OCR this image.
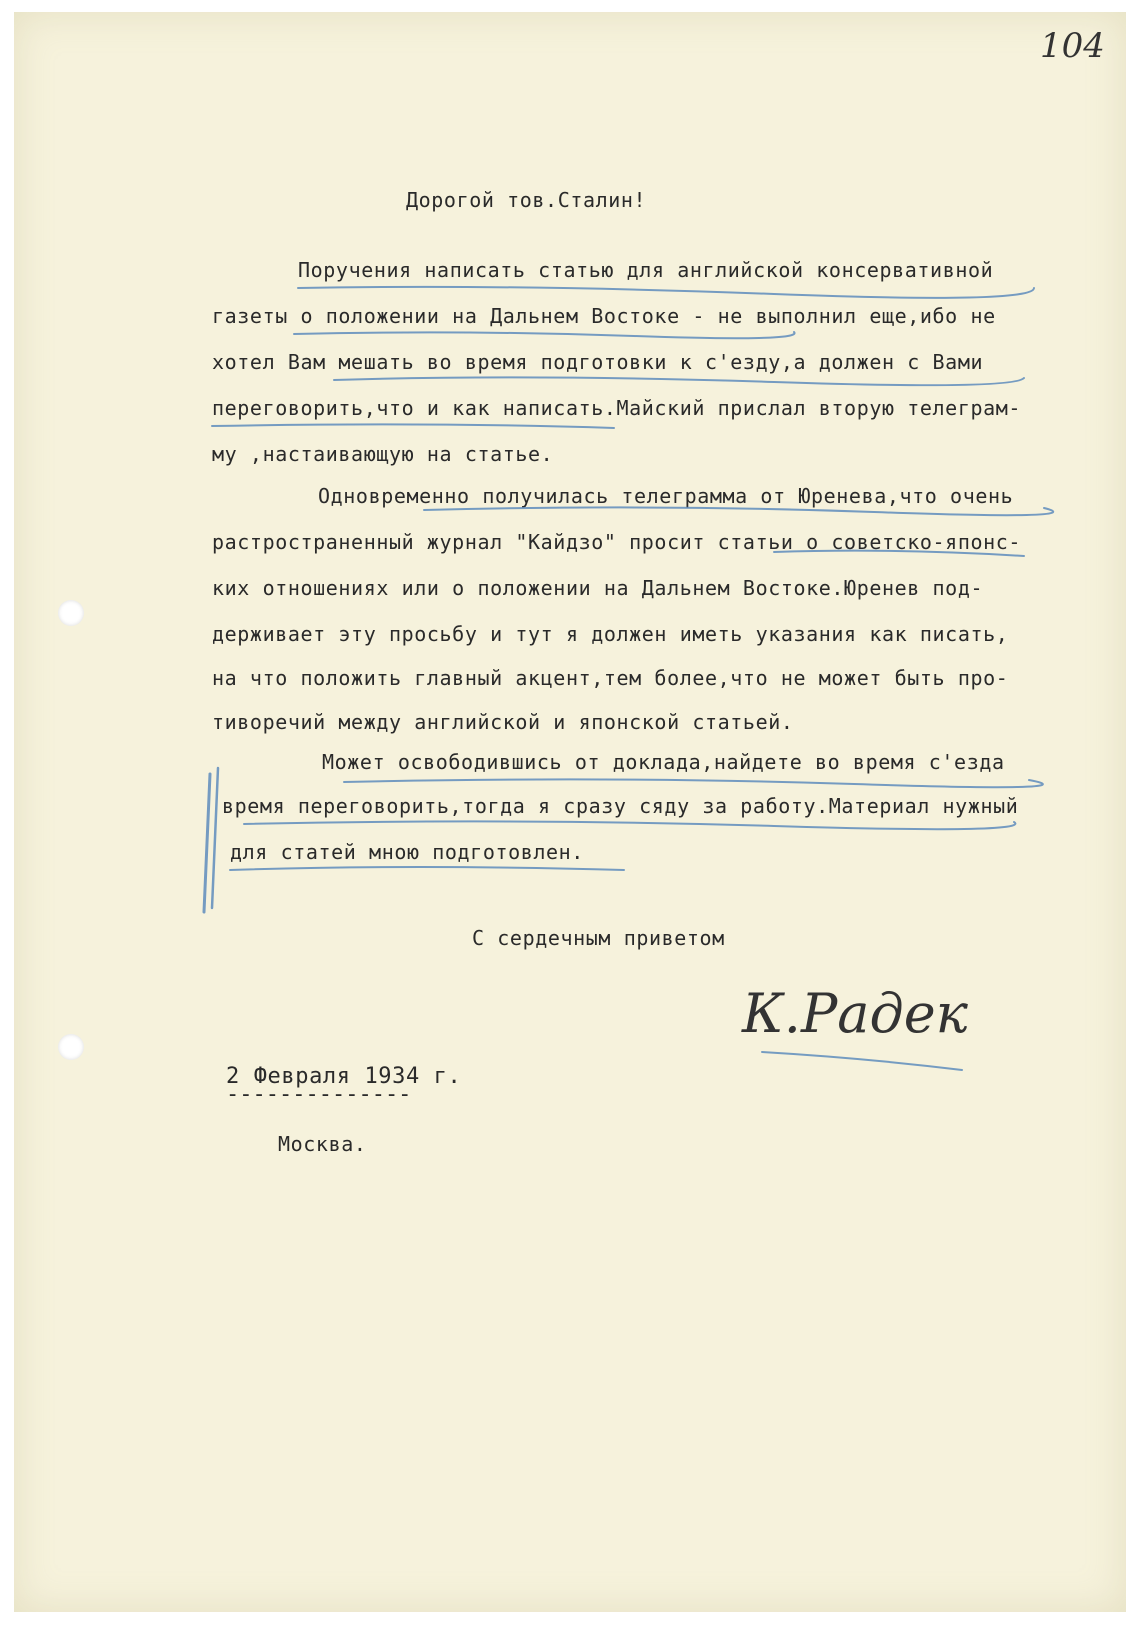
104
Дорогой тов.Сталин!
Поручения написать статью для английской консервативной
газеты о положении на Дальнем Востоке - не выполнил еще,ибо не
хотел Вам мешать во время подготовки к с'езду,а должен с Вами
переговорить,что и как написать.Майский прислал вторую телеграм-
му ,настаивающую на статье.
Одновременно получилась телеграмма от Юренева,что очень
растространенный журнал "Кайдзо" просит статьи о советско-японс-
ких отношениях или о положении на Дальнем Востоке.Юренев под-
держивает эту просьбу и тут я должен иметь указания как писать,
на что положить главный акцент,тем более,что не может быть про-
тиворечий между английской и японской статьей.
Может освободившись от доклада,найдете во время с'езда
время переговорить,тогда я сразу сяду за работу.Материал нужный
для статей мною подготовлен.
С сердечным приветом
К.Радек
2 Февраля 1934 г.
--------------
Москва.
